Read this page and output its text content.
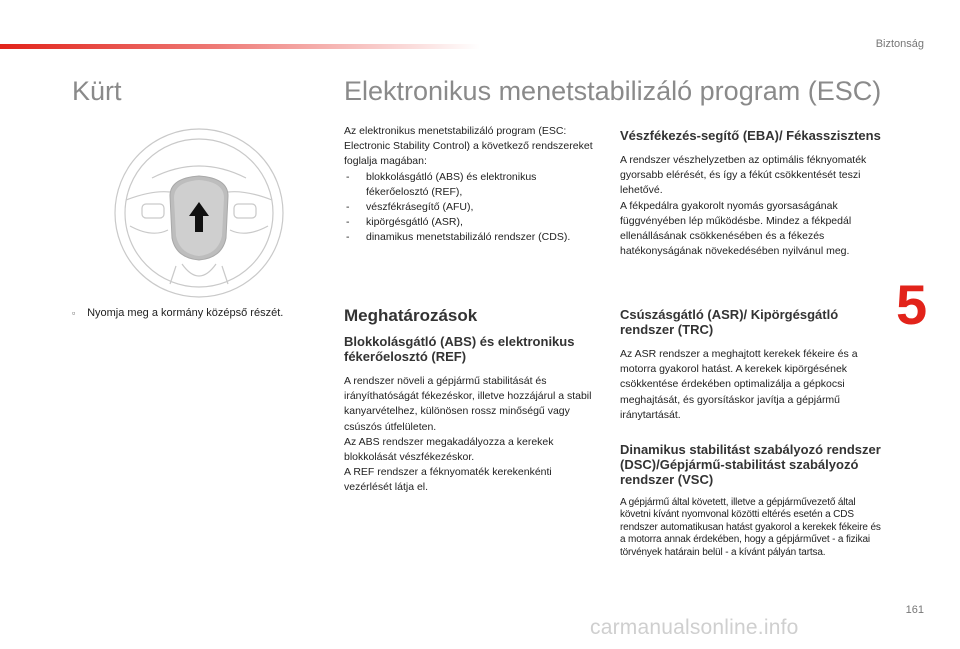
Biztonság
5
Kürt	Elektronikus menetstabilizáló program (ESC)
▫ Nyomja meg a kormány középső részét.

Az elektronikus menetstabilizáló program (ESC: Electronic Stability Control) a következő rendszereket foglalja magában:

- blokkolásgátló (ABS) és elektronikus fékerőelosztó (REF),
- vészfékrásegítő (AFU),
- kipörgésgátló (ASR),
- dinamikus menetstabilizáló rendszer (CDS).
Meghatározások
Blokkolásgátló (ABS) és elektronikus fékerőelosztó (REF)

A rendszer növeli a gépjármű stabilitását és irányíthatóságát fékezéskor, illetve hozzájárul a stabil kanyarvételhez, különösen rossz minőségű vagy csúszós útfelületen.

Az ABS rendszer megakadályozza a kerekek blokkolását vészfékezéskor.

A REF rendszer a féknyomaték kerekenkénti vezérlését látja el.

Vészfékezés-segítő (EBA)/ Fékasszisztens

A rendszer vészhelyzetben az optimális féknyomaték gyorsabb elérését, és így a fékút csökkentését teszi lehetővé.

A fékpedálra gyakorolt nyomás gyorsaságának függvényében lép működésbe. Mindez a fékpedál ellenállásának csökkenésében és a fékezés hatékonyságának növekedésében nyilvánul meg.

Csúszásgátló (ASR)/ Kipörgésgátló rendszer (TRC)

Az ASR rendszer a meghajtott kerekek fékeire és a motorra gyakorol hatást. A kerekek kipörgésének csökkentése érdekében optimalizálja a gépkocsi meghajtását, és gyorsításkor javítja a gépjármű iránytartását.

Dinamikus stabilitást szabályozó rendszer (DSC)/Gépjármű-stabilitást szabályozó rendszer (VSC)

A gépjármű által követett, illetve a gépjárművezető által követni kívánt nyomvonal közötti eltérés esetén a CDS rendszer automatikusan hatást gyakorol a kerekek fékeire és a motorra annak érdekében, hogy a gépjárművet - a fizikai törvények határain belül - a kívánt pályán tartsa.

161
carmanualsonline.info
